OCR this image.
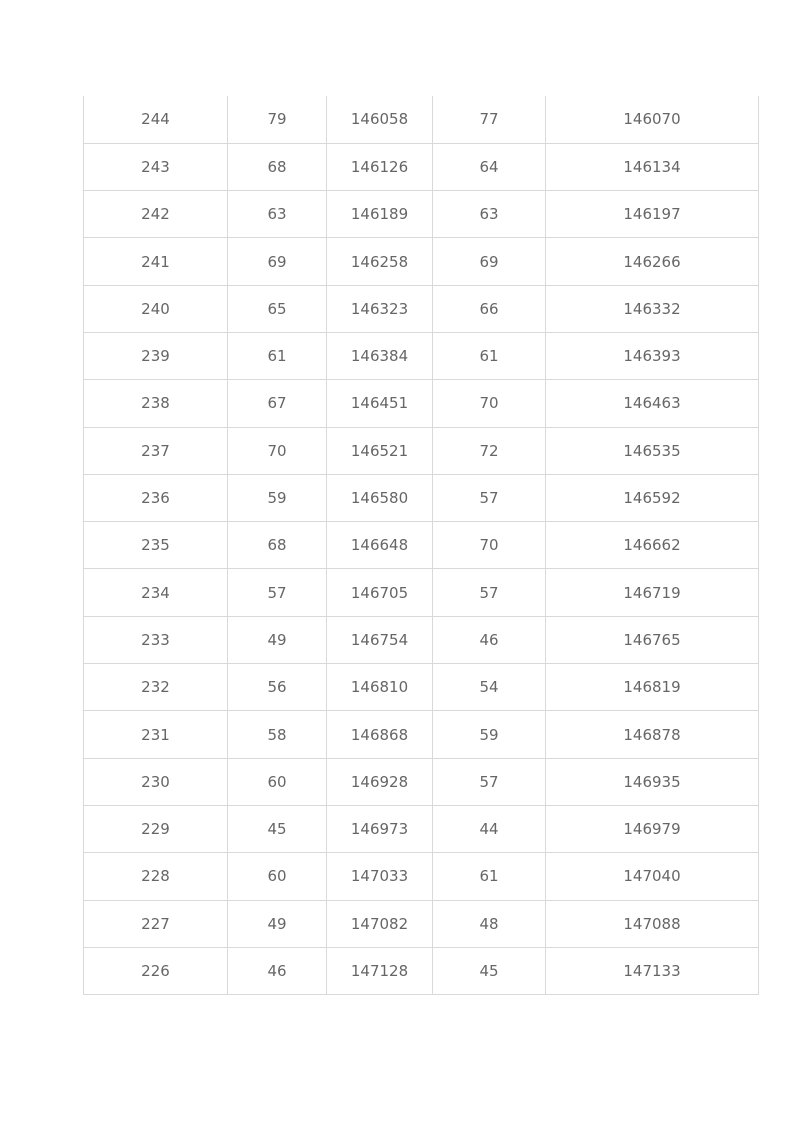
244	79	146058	77	146070
243	68	146126	64	146134
242	63	146189	63	146197
241	69	146258	69	146266
240	65	146323	66	146332
239	61	146384	61	146393
238	67	146451	70	146463
237	70	146521	72	146535
236	59	146580	57	146592
235	68	146648	70	146662
234	57	146705	57	146719
233	49	146754	46	146765
232	56	146810	54	146819
231	58	146868	59	146878
230	60	146928	57	146935
229	45	146973	44	146979
228	60	147033	61	147040
227	49	147082	48	147088
226	46	147128	45	147133
